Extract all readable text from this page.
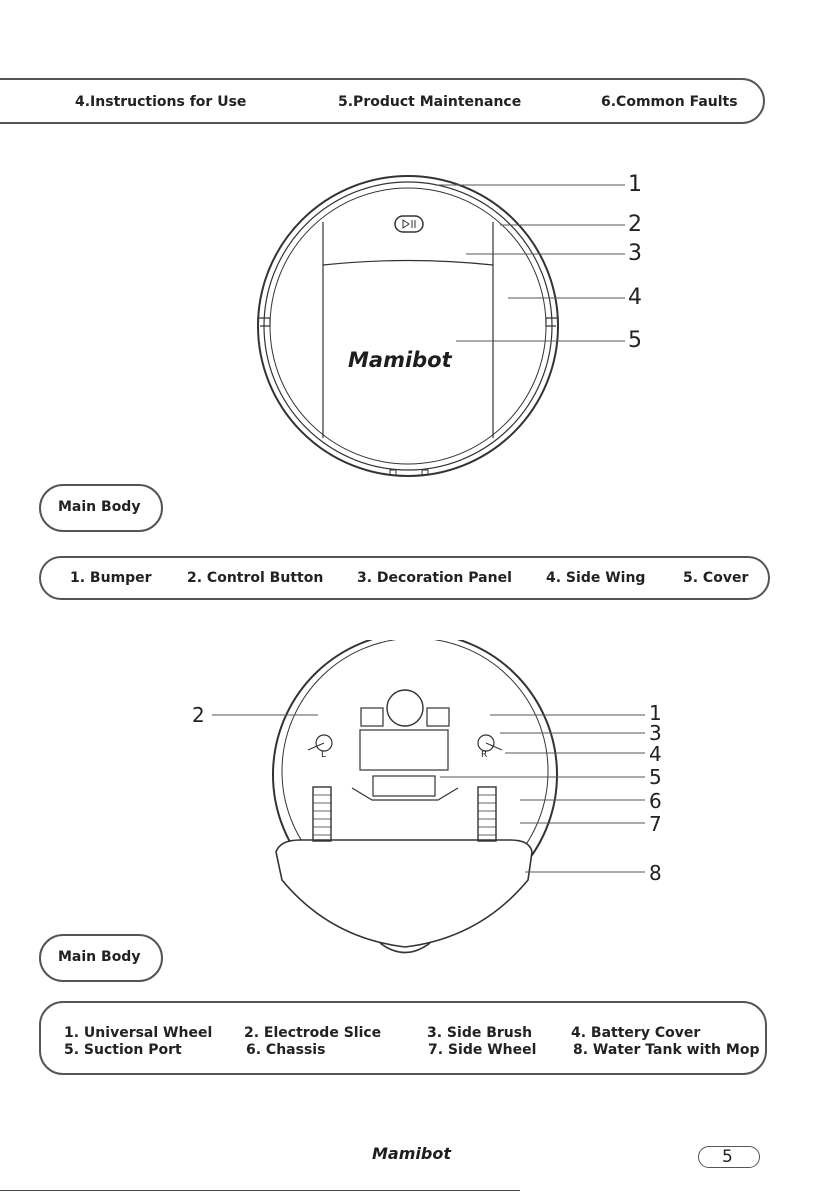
4.Instructions for Use	5.Product Maintenance	6.Common Faults
Mamibot
1
2
3
4
5
Main Body
1. Bumper	2. Control Button 3. Decoration Panel 4. Side Wing	5. Cover
L	R
2	1
3
4
5
6
7
8
Main Body
1. Universal Wheel 2. Electrode Slice	3. Side Brush	4. Battery Cover
5. Suction Port	6. Chassis	7. Side Wheel	8. Water Tank with Mop
Mamibot	5
